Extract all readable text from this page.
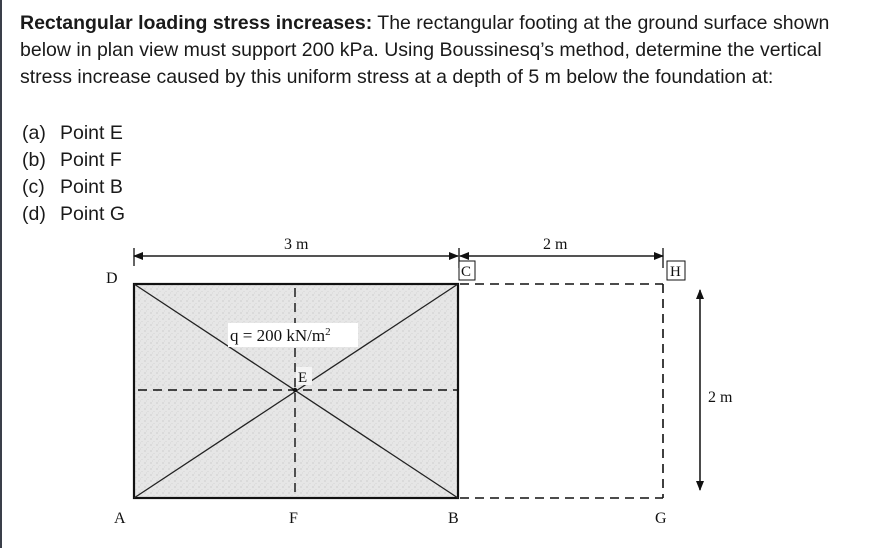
Rectangular loading stress increases: The rectangular footing at the ground surface shown below in plan view must support 200 kPa. Using Boussinesq’s method, determine the vertical stress increase caused by this uniform stress at a depth of 5 m below the foundation at:
(a) Point E
(b) Point F
(c) Point B
(d) Point G
q = 200 $kN/m^2$
E
3 m	2 m
2 m
D
A	F	B	G
C	H
